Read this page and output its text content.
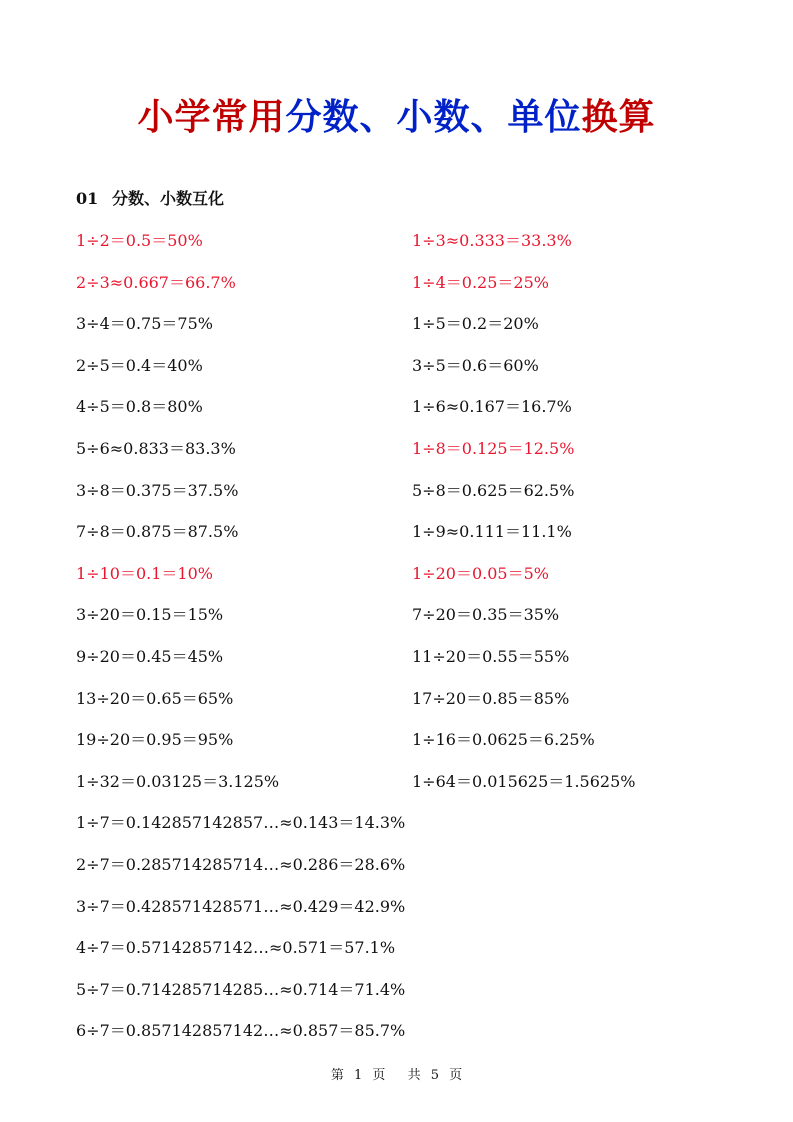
小学常用分数、小数、单位换算
01 分数、小数互化
1÷2＝0.5＝50%
2÷3≈0.667＝66.7%
3÷4＝0.75＝75%
2÷5＝0.4＝40%
4÷5＝0.8＝80%
5÷6≈0.833＝83.3%
3÷8＝0.375＝37.5%
7÷8＝0.875＝87.5%
1÷10＝0.1＝10%
3÷20＝0.15＝15%
9÷20＝0.45＝45%
13÷20＝0.65＝65%
19÷20＝0.95＝95%
1÷32＝0.03125＝3.125%
1÷3≈0.333＝33.3%
1÷4＝0.25＝25%
1÷5＝0.2＝20%
3÷5＝0.6＝60%
1÷6≈0.167＝16.7%
1÷8＝0.125＝12.5%
5÷8＝0.625＝62.5%
1÷9≈0.111＝11.1%
1÷20＝0.05＝5%
7÷20＝0.35＝35%
11÷20＝0.55＝55%
17÷20＝0.85＝85%
1÷16＝0.0625＝6.25%
1÷64＝0.015625＝1.5625%
1÷7＝0.142857142857…≈0.143＝14.3%
2÷7＝0.285714285714…≈0.286＝28.6%
3÷7＝0.428571428571…≈0.429＝42.9%
4÷7＝0.57142857142…≈0.571＝57.1%
5÷7＝0.714285714285…≈0.714＝71.4%
6÷7＝0.857142857142…≈0.857＝85.7%
第 1 页 共 5 页
